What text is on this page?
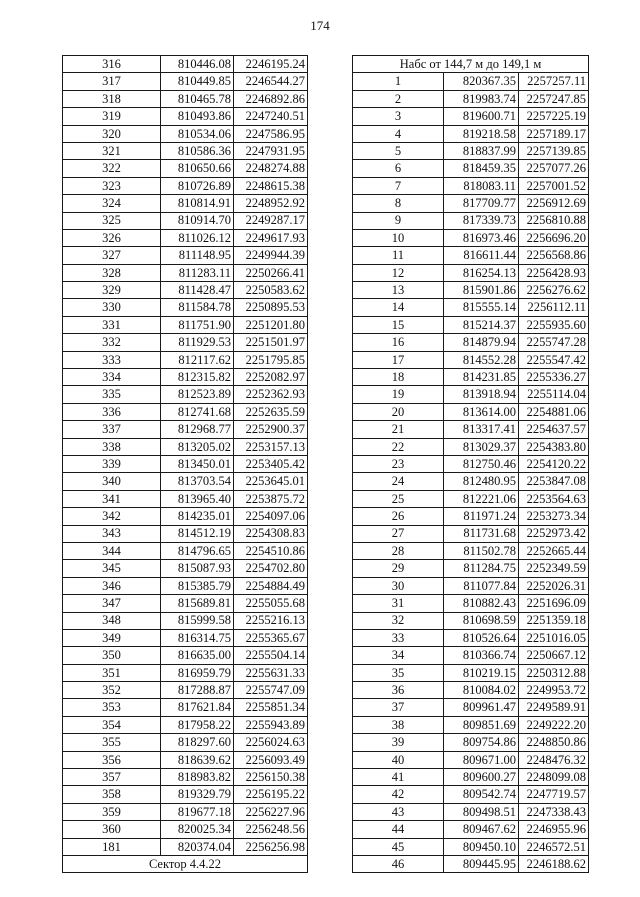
174
316	810446.08	2246195.24
317	810449.85	2246544.27
318	810465.78	2246892.86
319	810493.86	2247240.51
320	810534.06	2247586.95
321	810586.36	2247931.95
322	810650.66	2248274.88
323	810726.89	2248615.38
324	810814.91	2248952.92
325	810914.70	2249287.17
326	811026.12	2249617.93
327	811148.95	2249944.39
328	811283.11	2250266.41
329	811428.47	2250583.62
330	811584.78	2250895.53
331	811751.90	2251201.80
332	811929.53	2251501.97
333	812117.62	2251795.85
334	812315.82	2252082.97
335	812523.89	2252362.93
336	812741.68	2252635.59
337	812968.77	2252900.37
338	813205.02	2253157.13
339	813450.01	2253405.42
340	813703.54	2253645.01
341	813965.40	2253875.72
342	814235.01	2254097.06
343	814512.19	2254308.83
344	814796.65	2254510.86
345	815087.93	2254702.80
346	815385.79	2254884.49
347	815689.81	2255055.68
348	815999.58	2255216.13
349	816314.75	2255365.67
350	816635.00	2255504.14
351	816959.79	2255631.33
352	817288.87	2255747.09
353	817621.84	2255851.34
354	817958.22	2255943.89
355	818297.60	2256024.63
356	818639.62	2256093.49
357	818983.82	2256150.38
358	819329.79	2256195.22
359	819677.18	2256227.96
360	820025.34	2256248.56
181	820374.04	2256256.98
Сектор 4.4.22		
Набс от 144,7 м до 149,1 м		
1	820367.35	2257257.11
2	819983.74	2257247.85
3	819600.71	2257225.19
4	819218.58	2257189.17
5	818837.99	2257139.85
6	818459.35	2257077.26
7	818083.11	2257001.52
8	817709.77	2256912.69
9	817339.73	2256810.88
10	816973.46	2256696.20
11	816611.44	2256568.86
12	816254.13	2256428.93
13	815901.86	2256276.62
14	815555.14	2256112.11
15	815214.37	2255935.60
16	814879.94	2255747.28
17	814552.28	2255547.42
18	814231.85	2255336.27
19	813918.94	2255114.04
20	813614.00	2254881.06
21	813317.41	2254637.57
22	813029.37	2254383.80
23	812750.46	2254120.22
24	812480.95	2253847.08
25	812221.06	2253564.63
26	811971.24	2253273.34
27	811731.68	2252973.42
28	811502.78	2252665.44
29	811284.75	2252349.59
30	811077.84	2252026.31
31	810882.43	2251696.09
32	810698.59	2251359.18
33	810526.64	2251016.05
34	810366.74	2250667.12
35	810219.15	2250312.88
36	810084.02	2249953.72
37	809961.47	2249589.91
38	809851.69	2249222.20
39	809754.86	2248850.86
40	809671.00	2248476.32
41	809600.27	2248099.08
42	809542.74	2247719.57
43	809498.51	2247338.43
44	809467.62	2246955.96
45	809450.10	2246572.51
46	809445.95	2246188.62
